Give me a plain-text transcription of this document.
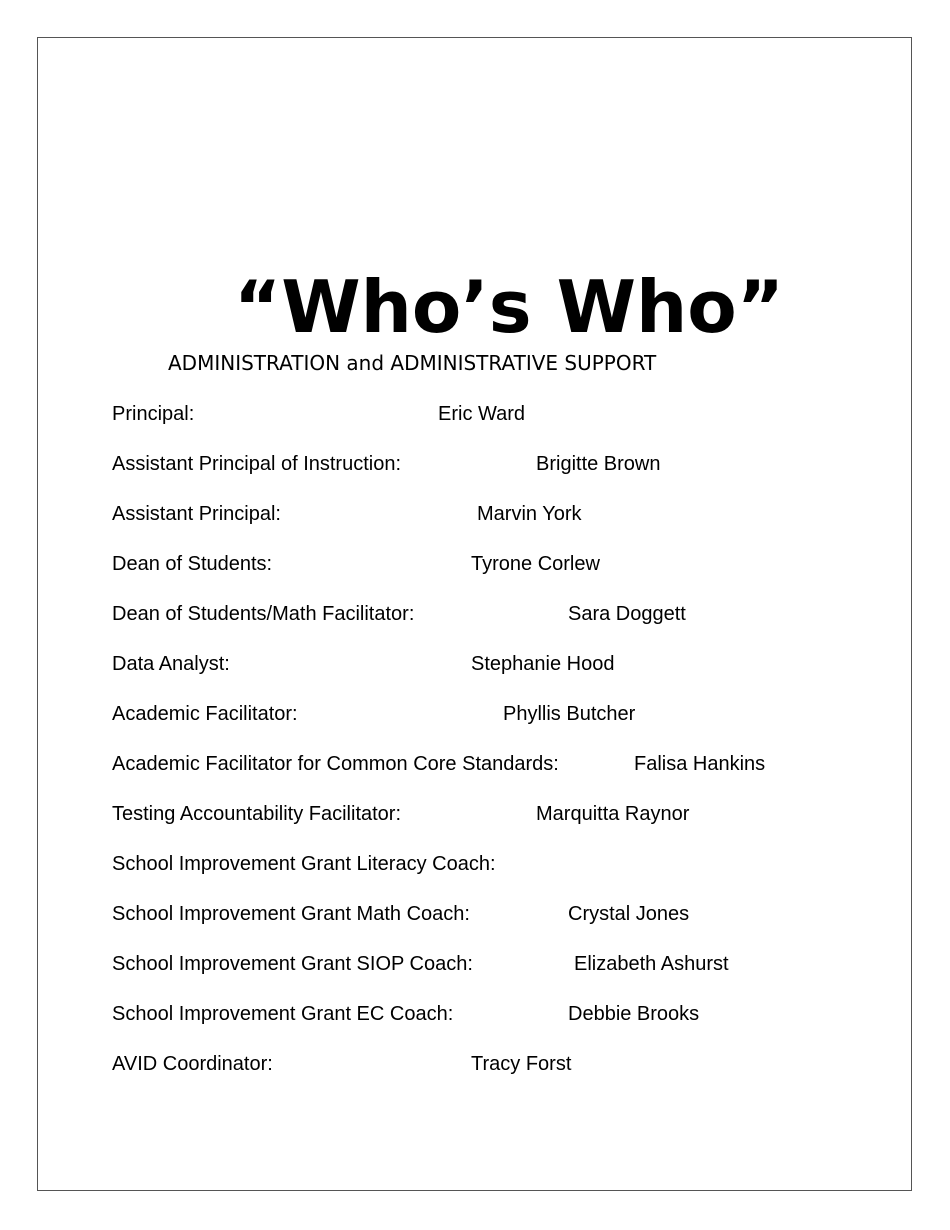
“Who’s Who”
ADMINISTRATION and ADMINISTRATIVE SUPPORT
Principal:	Eric Ward
Assistant Principal of Instruction:	Brigitte Brown
Assistant Principal:	Marvin York
Dean of Students:	Tyrone Corlew
Dean of Students/Math Facilitator:	Sara Doggett
Data Analyst:	Stephanie Hood
Academic Facilitator:	Phyllis Butcher
Academic Facilitator for Common Core Standards:	Falisa Hankins
Testing Accountability Facilitator:	Marquitta Raynor
School Improvement Grant Literacy Coach:
School Improvement Grant Math Coach:	Crystal Jones
School Improvement Grant SIOP Coach:	Elizabeth Ashurst
School Improvement Grant EC Coach:	Debbie Brooks
AVID Coordinator:	Tracy Forst
